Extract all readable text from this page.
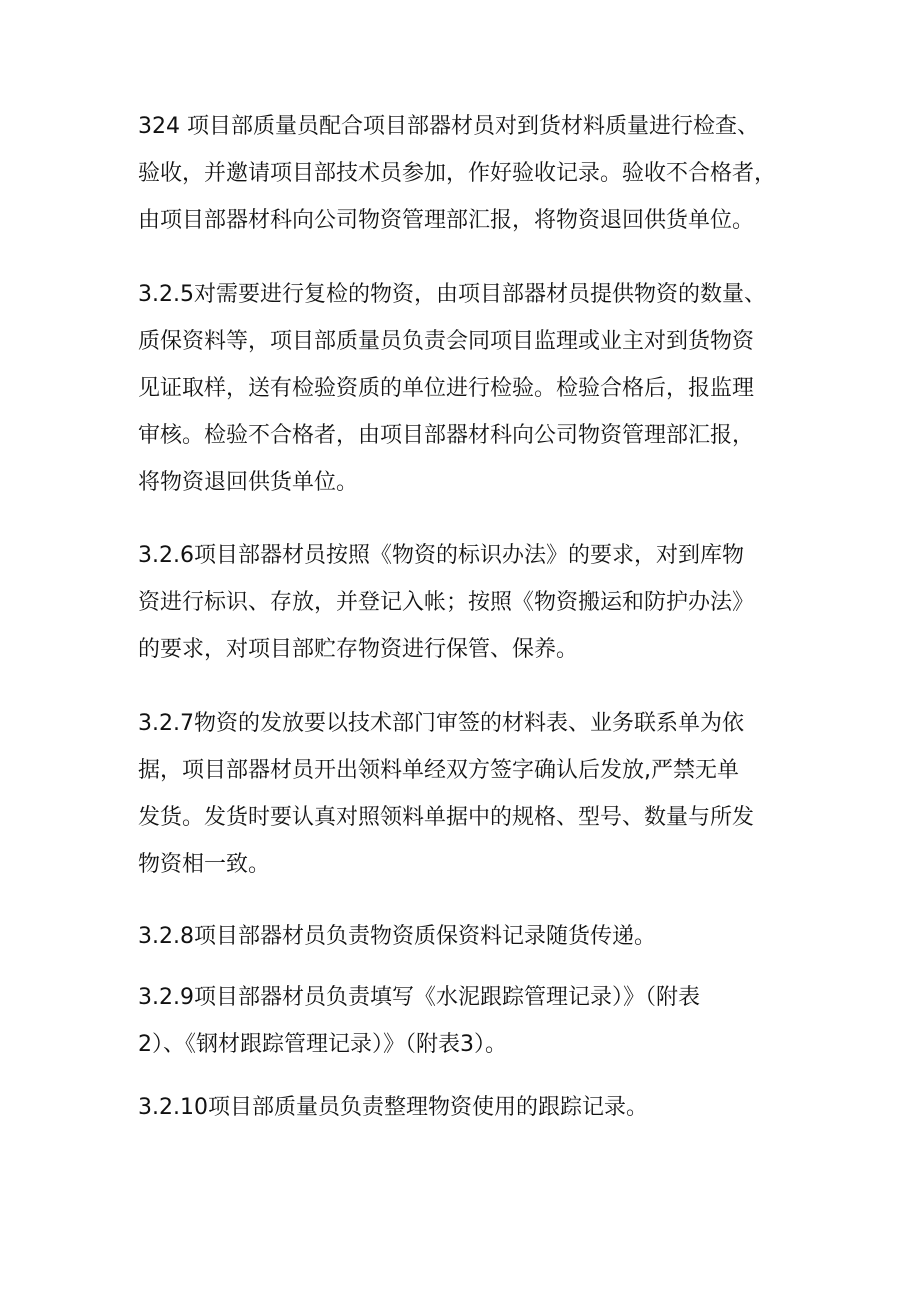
324 项目部质量员配合项目部器材员对到货材料质量进行检查、
验收，并邀请项目部技术员参加，作好验收记录。验收不合格者，
由项目部器材科向公司物资管理部汇报，将物资退回供货单位。

3.2.5对需要进行复检的物资，由项目部器材员提供物资的数量、
质保资料等，项目部质量员负责会同项目监理或业主对到货物资
见证取样，送有检验资质的单位进行检验。检验合格后，报监理
审核。检验不合格者，由项目部器材科向公司物资管理部汇报，
将物资退回供货单位。

3.2.6项目部器材员按照《物资的标识办法》的要求，对到库物
资进行标识、存放，并登记入帐；按照《物资搬运和防护办法》
的要求，对项目部贮存物资进行保管、保养。

3.2.7物资的发放要以技术部门审签的材料表、业务联系单为依
据，项目部器材员开出领料单经双方签字确认后发放,严禁无单
发货。发货时要认真对照领料单据中的规格、型号、数量与所发
物资相一致。

3.2.8项目部器材员负责物资质保资料记录随货传递。

3.2.9项目部器材员负责填写《水泥跟踪管理记录）》（附表
2）、《钢材跟踪管理记录）》（附表3）。

3.2.10项目部质量员负责整理物资使用的跟踪记录。
